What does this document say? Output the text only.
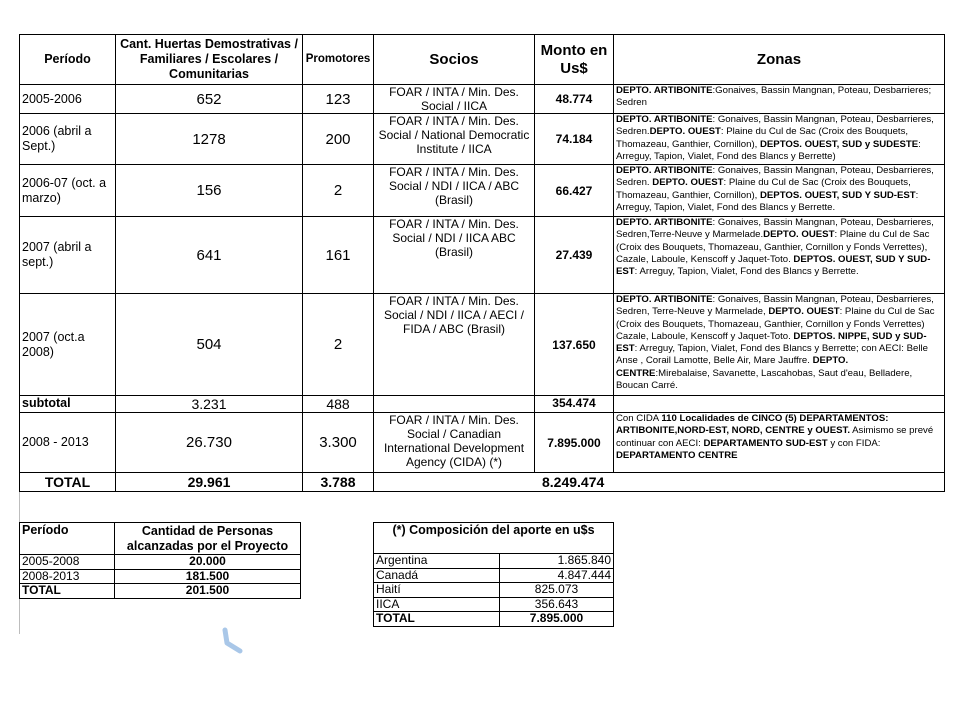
Período	Cant. Huertas Demostrativas / Familiares / Escolares / Comunitarias	Promotores	Socios	Monto en Us$	Zonas
2005-2006	652	123	FOAR / INTA / Min. Des. Social / IICA	48.774	DEPTO. ARTIBONITE:Gonaives, Bassin Mangnan, Poteau, Desbarrieres; Sedren
2006 (abril a Sept.)	1278	200	FOAR / INTA / Min. Des. Social / National Democratic Institute / IICA	74.184	DEPTO. ARTIBONITE: Gonaives, Bassin Mangnan, Poteau, Desbarrieres, Sedren.DEPTO. OUEST: Plaine du Cul de Sac (Croix des Bouquets, Thomazeau, Ganthier, Cornillon), DEPTOS. OUEST, SUD y SUDESTE: Arreguy, Tapion, Vialet, Fond des Blancs y Berrette)
2006-07 (oct. a marzo)	156	2	FOAR / INTA / Min. Des. Social / NDI / IICA / ABC (Brasil)	66.427	DEPTO. ARTIBONITE: Gonaives, Bassin Mangnan, Poteau, Desbarrieres, Sedren. DEPTO. OUEST: Plaine du Cul de Sac (Croix des Bouquets, Thomazeau, Ganthier, Cornillon), DEPTOS. OUEST, SUD Y SUD-EST: Arreguy, Tapion, Vialet, Fond des Blancs y Berrette.
2007 (abril a sept.)	641	161	FOAR / INTA / Min. Des. Social / NDI / IICA ABC (Brasil)	27.439	DEPTO. ARTIBONITE: Gonaives, Bassin Mangnan, Poteau, Desbarrieres, Sedren,Terre-Neuve y Marmelade.DEPTO. OUEST: Plaine du Cul de Sac (Croix des Bouquets, Thomazeau, Ganthier, Cornillon y Fonds Verrettes), Cazale, Laboule, Kenscoff y Jaquet-Toto. DEPTOS. OUEST, SUD Y SUD-EST: Arreguy, Tapion, Vialet, Fond des Blancs y Berrette.
2007 (oct.a 2008)	504	2	FOAR / INTA / Min. Des. Social / NDI / IICA / AECI / FIDA / ABC (Brasil)	137.650	DEPTO. ARTIBONITE: Gonaives, Bassin Mangnan, Poteau, Desbarrieres, Sedren, Terre-Neuve y Marmelade, DEPTO. OUEST: Plaine du Cul de Sac (Croix des Bouquets, Thomazeau, Ganthier, Cornillon y Fonds Verrettes) Cazale, Laboule, Kenscoff y Jaquet-Toto. DEPTOS. NIPPE, SUD y SUD-EST: Arreguy, Tapion, Vialet, Fond des Blancs y Berrette; con AECI: Belle Anse , Corail Lamotte, Belle Air, Mare Jauffre. DEPTO. CENTRE:Mirebalaise, Savanette, Lascahobas, Saut d'eau, Belladere, Boucan Carré.
subtotal	3.231	488		354.474	
2008 - 2013	26.730	3.300	FOAR / INTA / Min. Des. Social / Canadian International Development Agency (CIDA) (*)	7.895.000	Con CIDA 110 Localidades de CINCO (5) DEPARTAMENTOS: ARTIBONITE,NORD-EST, NORD, CENTRE y OUEST. Asimismo se prevé continuar con AECI: DEPARTAMENTO SUD-EST y con FIDA: DEPARTAMENTO CENTRE
TOTAL	29.961	3.788	8.249.474		
Período	Cantidad de Personas alcanzadas por el Proyecto
2005-2008	20.000
2008-2013	181.500
TOTAL	201.500
(*) Composición del aporte en u$s	
Argentina	1.865.840
Canadá	4.847.444
Haití	825.073
IICA	356.643
TOTAL	7.895.000
